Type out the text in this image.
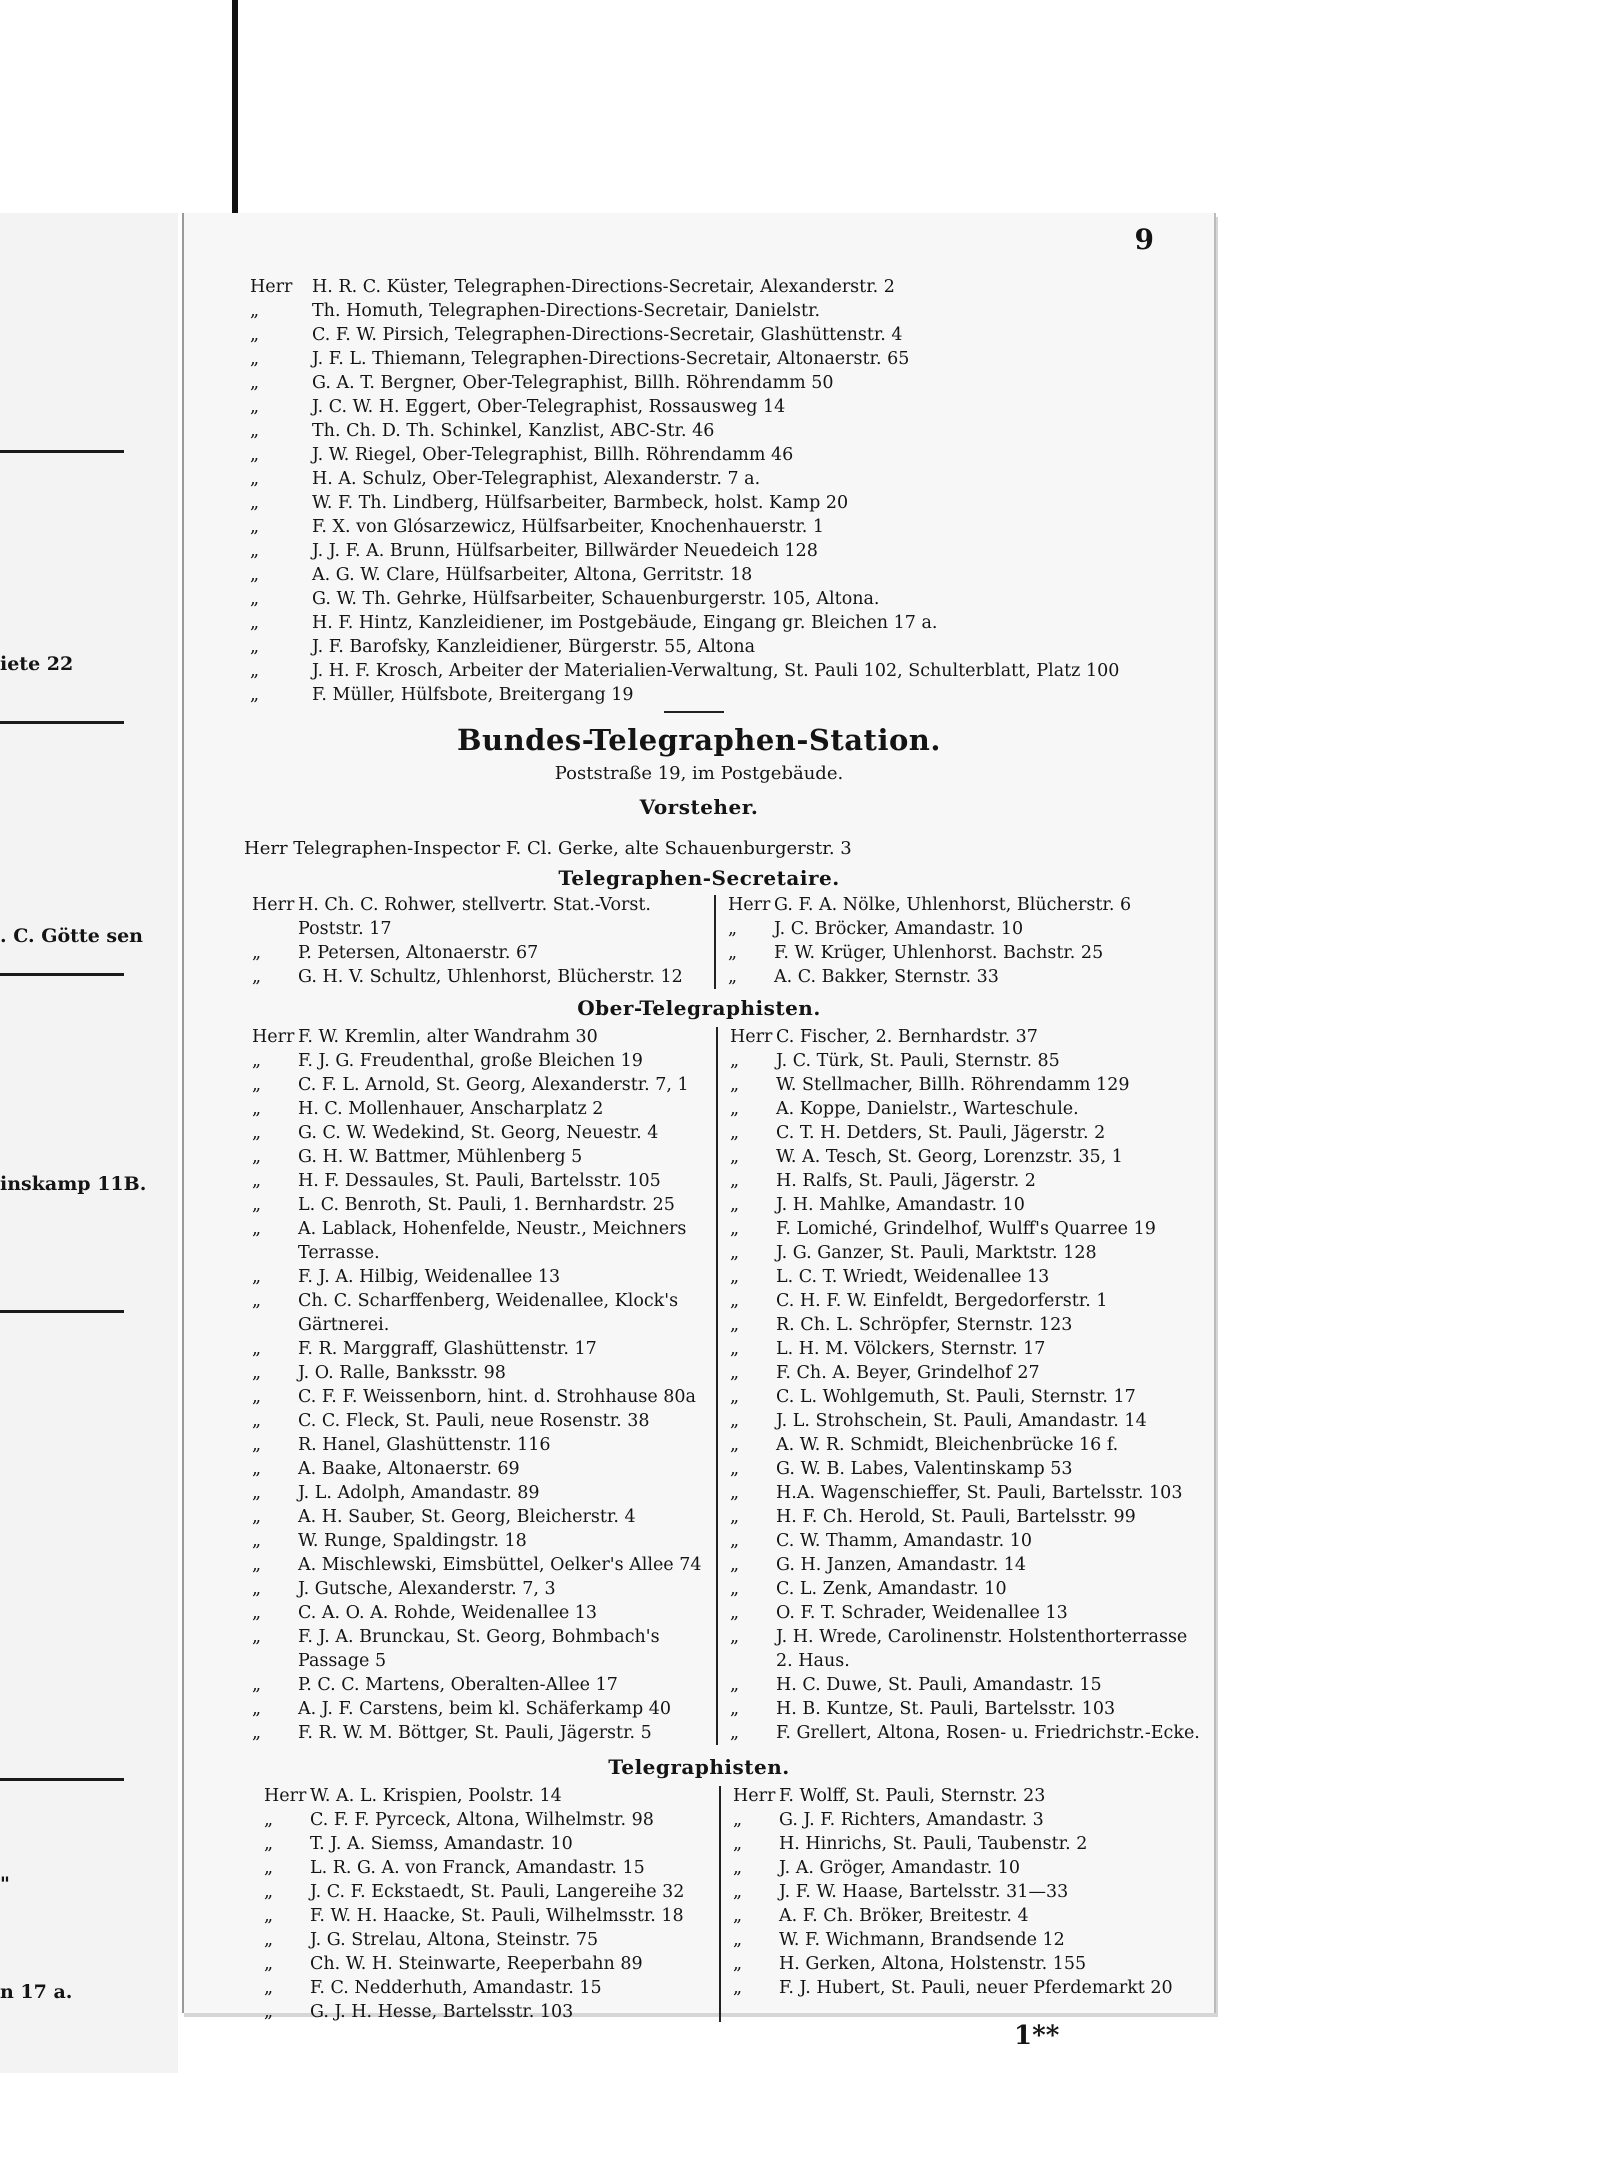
iete 22
. C. Götte sen
inskamp 11B.
"
n 17 a.
9
Herr	H. R. C. Küster, Telegraphen-Directions-Secretair, Alexanderstr. 2
„	Th. Homuth, Telegraphen-Directions-Secretair, Danielstr.
„	C. F. W. Pirsich, Telegraphen-Directions-Secretair, Glashüttenstr. 4
„	J. F. L. Thiemann, Telegraphen-Directions-Secretair, Altonaerstr. 65
„	G. A. T. Bergner, Ober-Telegraphist, Billh. Röhrendamm 50
„	J. C. W. H. Eggert, Ober-Telegraphist, Rossausweg 14
„	Th. Ch. D. Th. Schinkel, Kanzlist, ABC-Str. 46
„	J. W. Riegel, Ober-Telegraphist, Billh. Röhrendamm 46
„	H. A. Schulz, Ober-Telegraphist, Alexanderstr. 7 a.
„	W. F. Th. Lindberg, Hülfsarbeiter, Barmbeck, holst. Kamp 20
„	F. X. von Glósarzewicz, Hülfsarbeiter, Knochenhauerstr. 1
„	J. J. F. A. Brunn, Hülfsarbeiter, Billwärder Neuedeich 128
„	A. G. W. Clare, Hülfsarbeiter, Altona, Gerritstr. 18
„	G. W. Th. Gehrke, Hülfsarbeiter, Schauenburgerstr. 105, Altona.
„	H. F. Hintz, Kanzleidiener, im Postgebäude, Eingang gr. Bleichen 17 a.
„	J. F. Barofsky, Kanzleidiener, Bürgerstr. 55, Altona
„	J. H. F. Krosch, Arbeiter der Materialien-Verwaltung, St. Pauli 102, Schulterblatt, Platz 100
„	F. Müller, Hülfsbote, Breitergang 19
Bundes-Telegraphen-Station.
Poststraße 19, im Postgebäude.
Vorsteher.
Herr Telegraphen-Inspector F. Cl. Gerke, alte Schauenburgerstr. 3
Telegraphen-Secretaire.
Herr H. Ch. C. Rohwer, stellvertr. Stat.-Vorst.
Poststr. 17
„	P. Petersen, Altonaerstr. 67
„	G. H. V. Schultz, Uhlenhorst, Blücherstr. 12
Herr G. F. A. Nölke, Uhlenhorst, Blücherstr. 6
„	J. C. Bröcker, Amandastr. 10
„	F. W. Krüger, Uhlenhorst. Bachstr. 25
„	A. C. Bakker, Sternstr. 33
Ober-Telegraphisten.
Herr F. W. Kremlin, alter Wandrahm 30
„	F. J. G. Freudenthal, große Bleichen 19
„	C. F. L. Arnold, St. Georg, Alexanderstr. 7, 1
„	H. C. Mollenhauer, Anscharplatz 2
„	G. C. W. Wedekind, St. Georg, Neuestr. 4
„	G. H. W. Battmer, Mühlenberg 5
„	H. F. Dessaules, St. Pauli, Bartelsstr. 105
„	L. C. Benroth, St. Pauli, 1. Bernhardstr. 25
„	A. Lablack, Hohenfelde, Neustr., Meichners
Terrasse.
„	F. J. A. Hilbig, Weidenallee 13
„	Ch. C. Scharffenberg, Weidenallee, Klock's
Gärtnerei.
„	F. R. Marggraff, Glashüttenstr. 17
„	J. O. Ralle, Banksstr. 98
„	C. F. F. Weissenborn, hint. d. Strohhause 80a
„	C. C. Fleck, St. Pauli, neue Rosenstr. 38
„	R. Hanel, Glashüttenstr. 116
„	A. Baake, Altonaerstr. 69
„	J. L. Adolph, Amandastr. 89
„	A. H. Sauber, St. Georg, Bleicherstr. 4
„	W. Runge, Spaldingstr. 18
„	A. Mischlewski, Eimsbüttel, Oelker's Allee 74
„	J. Gutsche, Alexanderstr. 7, 3
„	C. A. O. A. Rohde, Weidenallee 13
„	F. J. A. Brunckau, St. Georg, Bohmbach's
Passage 5
„	P. C. C. Martens, Oberalten-Allee 17
„	A. J. F. Carstens, beim kl. Schäferkamp 40
„	F. R. W. M. Böttger, St. Pauli, Jägerstr. 5
Herr C. Fischer, 2. Bernhardstr. 37
„	J. C. Türk, St. Pauli, Sternstr. 85
„	W. Stellmacher, Billh. Röhrendamm 129
„	A. Koppe, Danielstr., Warteschule.
„	C. T. H. Detders, St. Pauli, Jägerstr. 2
„	W. A. Tesch, St. Georg, Lorenzstr. 35, 1
„	H. Ralfs, St. Pauli, Jägerstr. 2
„	J. H. Mahlke, Amandastr. 10
„	F. Lomiché, Grindelhof, Wulff's Quarree 19
„	J. G. Ganzer, St. Pauli, Marktstr. 128
„	L. C. T. Wriedt, Weidenallee 13
„	C. H. F. W. Einfeldt, Bergedorferstr. 1
„	R. Ch. L. Schröpfer, Sternstr. 123
„	L. H. M. Völckers, Sternstr. 17
„	F. Ch. A. Beyer, Grindelhof 27
„	C. L. Wohlgemuth, St. Pauli, Sternstr. 17
„	J. L. Strohschein, St. Pauli, Amandastr. 14
„	A. W. R. Schmidt, Bleichenbrücke 16 f.
„	G. W. B. Labes, Valentinskamp 53
„	H.A. Wagenschieffer, St. Pauli, Bartelsstr. 103
„	H. F. Ch. Herold, St. Pauli, Bartelsstr. 99
„	C. W. Thamm, Amandastr. 10
„	G. H. Janzen, Amandastr. 14
„	C. L. Zenk, Amandastr. 10
„	O. F. T. Schrader, Weidenallee 13
„	J. H. Wrede, Carolinenstr. Holstenthorterrasse
2. Haus.
„	H. C. Duwe, St. Pauli, Amandastr. 15
„	H. B. Kuntze, St. Pauli, Bartelsstr. 103
„	F. Grellert, Altona, Rosen- u. Friedrichstr.-Ecke.
Telegraphisten.
Herr W. A. L. Krispien, Poolstr. 14
„	C. F. F. Pyrceck, Altona, Wilhelmstr. 98
„	T. J. A. Siemss, Amandastr. 10
„	L. R. G. A. von Franck, Amandastr. 15
„	J. C. F. Eckstaedt, St. Pauli, Langereihe 32
„	F. W. H. Haacke, St. Pauli, Wilhelmsstr. 18
„	J. G. Strelau, Altona, Steinstr. 75
„	Ch. W. H. Steinwarte, Reeperbahn 89
„	F. C. Nedderhuth, Amandastr. 15
„	G. J. H. Hesse, Bartelsstr. 103
Herr F. Wolff, St. Pauli, Sternstr. 23
„	G. J. F. Richters, Amandastr. 3
„	H. Hinrichs, St. Pauli, Taubenstr. 2
„	J. A. Gröger, Amandastr. 10
„	J. F. W. Haase, Bartelsstr. 31—33
„	A. F. Ch. Bröker, Breitestr. 4
„	W. F. Wichmann, Brandsende 12
„	H. Gerken, Altona, Holstenstr. 155
„	F. J. Hubert, St. Pauli, neuer Pferdemarkt 20
1**
